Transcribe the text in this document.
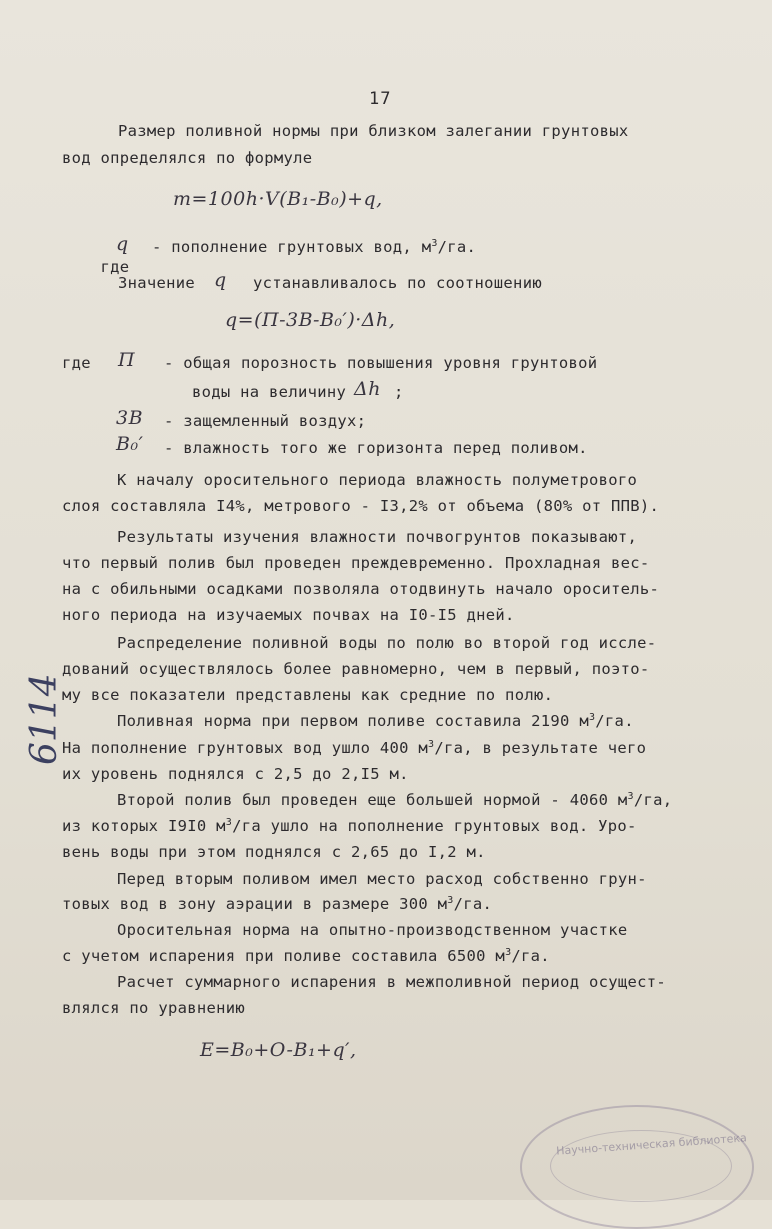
17
Размер поливной нормы при близком залегании грунтовых
вод определялся по формуле
m=100h·V(B₁-B₀)+q,

где

q - пополнение грунтовых вод, $м^3/га$.
Значение q устанавливалось по соотношению
q=(П-3В-B₀′)·Δh,
где П - общая порозность повышения уровня грунтовой
воды на величину Δh ;
3В - защемленный воздух;
B₀′ - влажность того же горизонта перед поливом.
К началу оросительного периода влажность полуметрового
слоя составляла I4%, метрового - I3,2% от объема (80% от ППВ).
Результаты изучения влажности почвогрунтов показывают,
что первый полив был проведен преждевременно. Прохладная вес-
на с обильными осадками позволяла отодвинуть начало ороситель-
ного периода на изучаемых почвах на I0-I5 дней.
Распределение поливной воды по полю во второй год иссле-
дований осуществлялось более равномерно, чем в первый, поэто-
му все показатели представлены как средние по полю.
Поливная норма при первом поливе составила 2190 $м^3/га$.
На пополнение грунтовых вод ушло 400 $м^3/га$, в результате чего
их уровень поднялся с 2,5 до 2,I5 м.
Второй полив был проведен еще большей нормой - 4060 $м^3/га$,
из которых I9I0 $м^3/га$ ушло на пополнение грунтовых вод. Уро-
вень воды при этом поднялся с 2,65 до I,2 м.
Перед вторым поливом имел место расход собственно грун-
товых вод в зону аэрации в размере 300 $м^3/га$.
Оросительная норма на опытно-производственном участке
с учетом испарения при поливе составила 6500 $м^3/га$.
Расчет суммарного испарения в межполивной период осущест-
влялся по уравнению
E=B₀+O-B₁+q′,
6114
Научно-техническая библиотека
